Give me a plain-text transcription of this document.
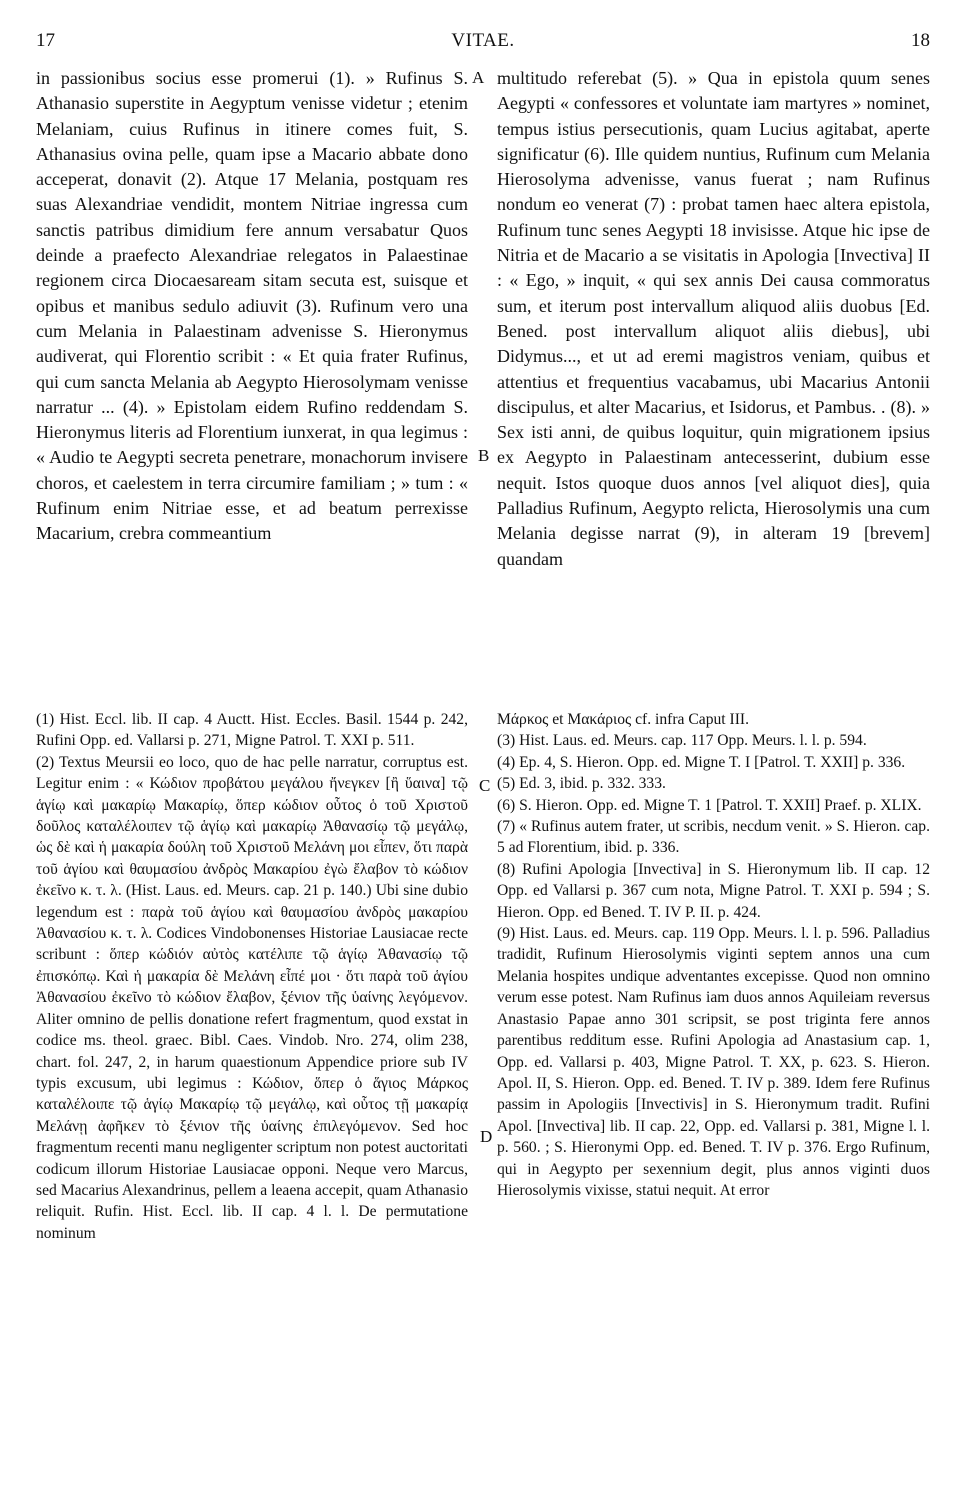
17	VITAE.	18

in passionibus socius esse promerui (1). » Rufinus S. Athanasio superstite in Aegyptum venisse videtur ; etenim Melaniam, cuius Rufinus in itinere comes fuit, S. Athanasius ovina pelle, quam ipse a Macario abbate dono acceperat, donavit (2). Atque 17 Melania, postquam res suas Alexandriae vendidit, montem Nitriae ingressa cum sanctis patribus dimidium fere annum versabatur Quos deinde a praefecto Alexandriae relegatos in Palaestinae regionem circa Diocaesaream sitam secuta est, suisque et opibus et manibus sedulo adiuvit (3). Rufinum vero una cum Melania in Palaestinam advenisse S. Hieronymus audiverat, qui Florentio scribit : « Et quia frater Rufinus, qui cum sancta Melania ab Aegypto Hierosolymam venisse narratur ... (4). » Epistolam eidem Rufino reddendam S. Hieronymus literis ad Florentium iunxerat, in qua legimus : « Audio te Aegypti secreta penetrare, monachorum invisere choros, et caelestem in terra circumire familiam ; » tum : « Rufinum enim Nitriae esse, et ad beatum perrexisse Macarium, crebra commeantium

multitudo referebat (5). » Qua in epistola quum senes Aegypti « confessores et voluntate iam martyres » nominet, tempus istius persecutionis, quam Lucius agitabat, aperte significatur (6). Ille quidem nuntius, Rufinum cum Melania Hierosolyma advenisse, vanus fuerat ; nam Rufinus nondum eo venerat (7) : probat tamen haec altera epistola, Rufinum tunc senes Aegypti 18 invisisse. Atque hic ipse de Nitria et de Macario a se visitatis in Apologia [Invectiva] II : « Ego, » inquit, « qui sex annis Dei causa commoratus sum, et iterum post intervallum aliquod aliis duobus [Ed. Bened. post intervallum aliquot aliis diebus], ubi Didymus..., et ut ad eremi magistros veniam, quibus et attentius et frequentius vacabamus, ubi Macarius Antonii discipulus, et alter Macarius, et Isidorus, et Pambus. . (8). » Sex isti anni, de quibus loquitur, quin migrationem ipsius ex Aegypto in Palaestinam antecesserint, dubium esse nequit. Istos quoque duos annos [vel aliquot dies], quia Palladius Rufinum, Aegypto relicta, Hierosolymis una cum Melania degisse narrat (9), in alteram 19 [brevem] quandam

A
B
C
D

(1) Hist. Eccl. lib. II cap. 4 Auctt. Hist. Eccles. Basil. 1544 p. 242, Rufini Opp. ed. Vallarsi p. 271, Migne Patrol. T. XXI p. 511.

(2) Textus Meursii eo loco, quo de hac pelle narratur, corruptus est. Legitur enim : « Κώδιον προβάτου μεγάλου ἤνεγκεν [ἢ ὕαινα] τῷ ἁγίῳ καὶ μακαρίῳ Μακαρίῳ, ὅπερ κώδιον οὗτος ὁ τοῦ Χριστοῦ δοῦλος καταλέλοιπεν τῷ ἁγίῳ καὶ μακαρίῳ Ἀθανασίῳ τῷ μεγάλῳ, ὡς δὲ καὶ ἡ μακαρία δούλη τοῦ Χριστοῦ Μελάνη μοι εἶπεν, ὅτι παρὰ τοῦ ἁγίου καὶ θαυμασίου ἀνδρὸς Μακαρίου ἐγὼ ἔλαβον τὸ κώδιον ἐκεῖνο κ. τ. λ. (Hist. Laus. ed. Meurs. cap. 21 p. 140.) Ubi sine dubio legendum est : παρὰ τοῦ ἁγίου καὶ θαυμασίου ἀνδρὸς μακαρίου Ἀθανασίου κ. τ. λ. Codices Vindobonenses Historiae Lausiacae recte scribunt : ὅπερ κώδιόν αὐτὸς κατέλιπε τῷ ἁγίῳ Ἀθανασίῳ τῷ ἐπισκόπῳ. Καὶ ἡ μακαρία δὲ Μελάνη εἶπέ μοι · ὅτι παρὰ τοῦ ἁγίου Ἀθανασίου ἐκεῖνο τὸ κώδιον ἔλαβον, ξένιον τῆς ὑαίνης λεγόμενον. Aliter omnino de pellis donatione refert fragmentum, quod exstat in codice ms. theol. graec. Bibl. Caes. Vindob. Nro. 274, olim 238, chart. fol. 247, 2, in harum quaestionum Appendice priore sub IV typis excusum, ubi legimus : Κώδιον, ὅπερ ὁ ἅγιος Μάρκος καταλέλοιπε τῷ ἁγίῳ Μακαρίῳ τῷ μεγάλῳ, καὶ οὗτος τῇ μακαρίᾳ Μελάνῃ ἀφῆκεν τὸ ξένιον τῆς ὑαίνης ἐπιλεγόμενον. Sed hoc fragmentum recenti manu negligenter scriptum non potest auctoritati codicum illorum Historiae Lausiacae opponi. Neque vero Marcus, sed Macarius Alexandrinus, pellem a leaena accepit, quam Athanasio reliquit. Rufin. Hist. Eccl. lib. II cap. 4 l. l. De permutatione nominum

Μάρκος et Μακάριος cf. infra Caput III.

(3) Hist. Laus. ed. Meurs. cap. 117 Opp. Meurs. l. l. p. 594.

(4) Ep. 4, S. Hieron. Opp. ed. Migne T. I [Patrol. T. XXII] p. 336.

(5) Ed. 3, ibid. p. 332. 333.

(6) S. Hieron. Opp. ed. Migne T. 1 [Patrol. T. XXII] Praef. p. XLIX.

(7) « Rufinus autem frater, ut scribis, necdum venit. » S. Hieron. cap. 5 ad Florentium, ibid. p. 336.

(8) Rufini Apologia [Invectiva] in S. Hieronymum lib. II cap. 12 Opp. ed Vallarsi p. 367 cum nota, Migne Patrol. T. XXI p. 594 ; S. Hieron. Opp. ed Bened. T. IV P. II. p. 424.

(9) Hist. Laus. ed. Meurs. cap. 119 Opp. Meurs. l. l. p. 596. Palladius tradidit, Rufinum Hierosolymis viginti septem annos una cum Melania hospites undique adventantes excepisse. Quod non omnino verum esse potest. Nam Rufinus iam duos annos Aquileiam reversus Anastasio Papae anno 301 scripsit, se post triginta fere annos parentibus redditum esse. Rufini Apologia ad Anastasium cap. 1, Opp. ed. Vallarsi p. 403, Migne Patrol. T. XX, p. 623. S. Hieron. Apol. II, S. Hieron. Opp. ed. Bened. T. IV p. 389. Idem fere Rufinus passim in Apologiis [Invectivis] in S. Hieronymum tradit. Rufini Apol. [Invectiva] lib. II cap. 22, Opp. ed. Vallarsi p. 381, Migne l. l. p. 560. ; S. Hieronymi Opp. ed. Bened. T. IV p. 376. Ergo Rufinum, qui in Aegypto per sexennium degit, plus annos viginti duos Hierosolymis vixisse, statui nequit. At error
